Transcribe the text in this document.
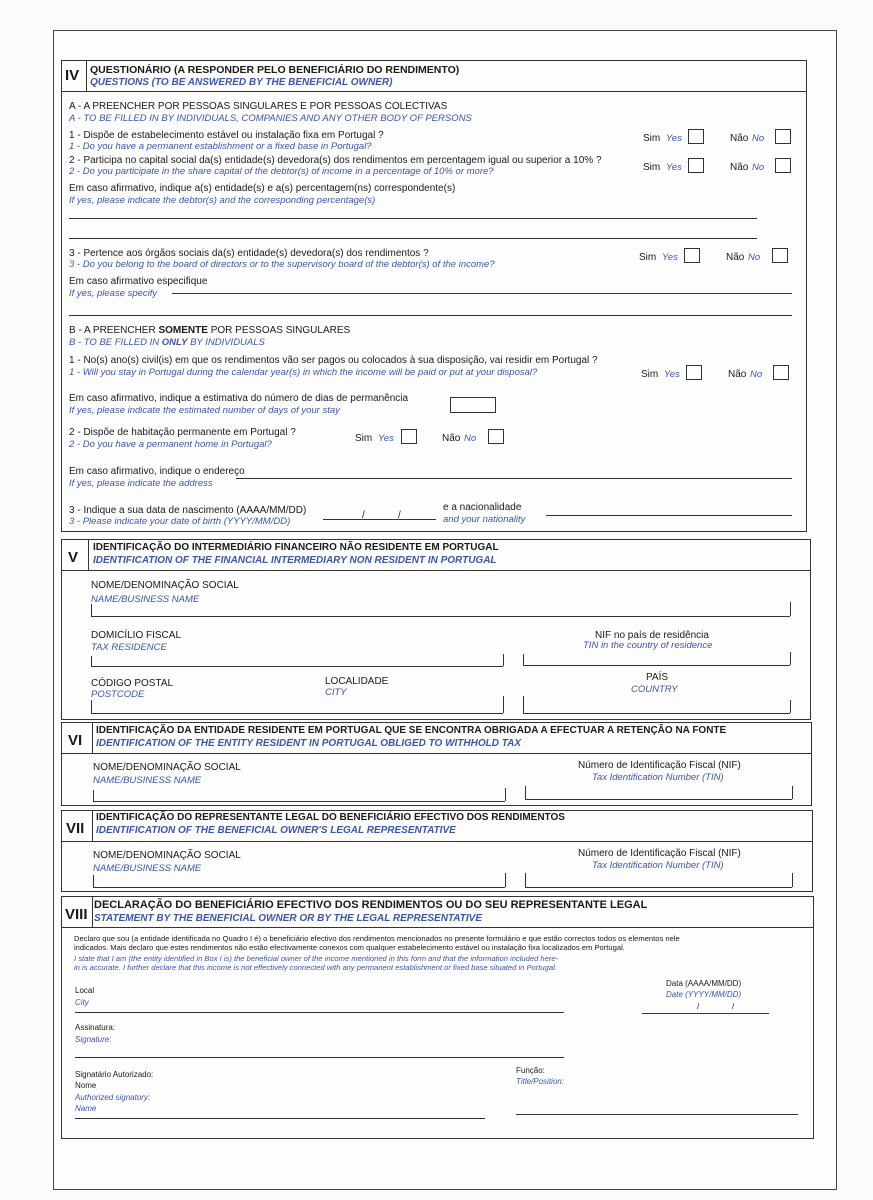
IV QUESTIONÁRIO (A RESPONDER PELO BENEFICIÁRIO DO RENDIMENTO)
QUESTIONS (TO BE ANSWERED BY THE BENEFICIAL OWNER)
A - A PREENCHER POR PESSOAS SINGULARES E POR PESSOAS COLECTIVAS
A - TO BE FILLED IN BY INDIVIDUALS, COMPANIES AND ANY OTHER BODY OF PERSONS
1 - Dispõe de estabelecimento estável ou instalação fixa em Portugal ?
1 - Do you have a permanent establishment or a fixed base in Portugal?
Sim Yes	Não No
2 - Participa no capital social da(s) entidade(s) devedora(s) dos rendimentos em percentagem igual ou superior a 10% ?
2 - Do you participate in the share capital of the debtor(s) of income in a percentage of 10% or more?	Sim Yes	Não No
Em caso afirmativo, indique a(s) entidade(s) e a(s) percentagem(ns) correspondente(s)
If yes, please indicate the debtor(s) and the corresponding percentage(s)
3 - Pertence aos órgãos sociais da(s) entidade(s) devedora(s) dos rendimentos ?
3 - Do you belong to the board of directors or to the supervisory board of the debtor(s) of the income?
Sim Yes	Não No
Em caso afirmativo especifique
If yes, please specify
B - A PREENCHER SOMENTE POR PESSOAS SINGULARES
B - TO BE FILLED IN ONLY BY INDIVIDUALS
1 - No(s) ano(s) civil(is) em que os rendimentos vão ser pagos ou colocados à sua disposição, vai residir em Portugal ?
1 - Will you stay in Portugal during the calendar year(s) in which the income will be paid or put at your disposal?	Sim Yes	Não No
Em caso afirmativo, indique a estimativa do número de dias de permanência
If yes, please indicate the estimated number of days of your stay
2 - Dispõe de habitação permanente em Portugal ?
2 - Do you have a permanent home in Portugal?
Sim Yes	Não No
Em caso afirmativo, indique o endereço
If yes, please indicate the address
3 - Indique a sua data de nascimento (AAAA/MM/DD)
3 - Please indicate your date of birth (YYYY/MM/DD)
/	/
e a nacionalidade
and your nationality
V
IDENTIFICAÇÃO DO INTERMEDIÁRIO FINANCEIRO NÃO RESIDENTE EM PORTUGAL
IDENTIFICATION OF THE FINANCIAL INTERMEDIARY NON RESIDENT IN PORTUGAL
NOME/DENOMINAÇÃO SOCIAL
NAME/BUSINESS NAME
DOMICÍLIO FISCAL
TAX RESIDENCE
NIF no país de residência
TIN in the country of residence
CÓDIGO POSTAL
POSTCODE
LOCALIDADE
CITY
PAÍS
COUNTRY
VI
IDENTIFICAÇÃO DA ENTIDADE RESIDENTE EM PORTUGAL QUE SE ENCONTRA OBRIGADA A EFECTUAR A RETENÇÃO NA FONTE
IDENTIFICATION OF THE ENTITY RESIDENT IN PORTUGAL OBLIGED TO WITHHOLD TAX
NOME/DENOMINAÇÃO SOCIAL
NAME/BUSINESS NAME
Número de Identificação Fiscal (NIF)
Tax Identification Number (TIN)
VII
IDENTIFICAÇÃO DO REPRESENTANTE LEGAL DO BENEFICIÁRIO EFECTIVO DOS RENDIMENTOS
IDENTIFICATION OF THE BENEFICIAL OWNER'S LEGAL REPRESENTATIVE
NOME/DENOMINAÇÃO SOCIAL
NAME/BUSINESS NAME
Número de Identificação Fiscal (NIF)
Tax Identification Number (TIN)
VIII
DECLARAÇÃO DO BENEFICIÁRIO EFECTIVO DOS RENDIMENTOS OU DO SEU REPRESENTANTE LEGAL
STATEMENT BY THE BENEFICIAL OWNER OR BY THE LEGAL REPRESENTATIVE
Declaro que sou (a entidade identificada no Quadro I é) o beneficiário efectivo dos rendimentos mencionados no presente formulário e que estão correctos todos os elementos nele
indicados. Mais declaro que estes rendimentos não estão efectivamente conexos com qualquer estabelecimento estável ou instalação fixa localizados em Portugal.
I state that I am (the entity identified in Box I is) the beneficial owner of the income mentioned in this form and that the information included here-
in is accurate. I further declare that this income is not effectively connected with any permanent establishment or fixed base situated in Portugal.
Local
City
Data (AAAA/MM/DD)
Date (YYYY/MM/DD)
/	/
Assinatura:
Signature:
Signatário Autorizado:
Nome
Authorized signatory:
Name
Função:
Title/Position:
